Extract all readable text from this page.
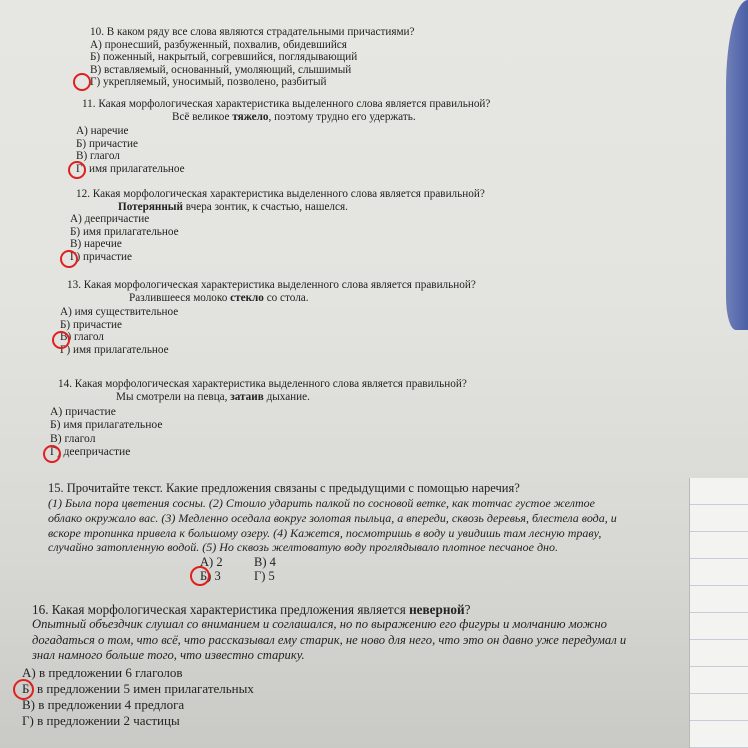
10. В каком ряду все слова являются страдательными причастиями?
А) пронесший, разбуженный, похвалив, обидевшийся
Б) поженный, накрытый, согревшийся, поглядывающий
В) вставляемый, основанный, умоляющий, слышимый
Г) укрепляемый, уносимый, позволено, разбитый
11. Какая морфологическая характеристика выделенного слова является правильной?
Всё великое тяжело, поэтому трудно его удержать.
А) наречие
Б) причастие
В) глагол
Г) имя прилагательное
12. Какая морфологическая характеристика выделенного слова является правильной?
Потерянный вчера зонтик, к счастью, нашелся.
А) деепричастие
Б) имя прилагательное
В) наречие
Г) причастие
13. Какая морфологическая характеристика выделенного слова является правильной?
Разлившееся молоко стекло со стола.
А) имя существительное
Б) причастие
В) глагол
Г) имя прилагательное
14. Какая морфологическая характеристика выделенного слова является правильной?
Мы смотрели на певца, затаив дыхание.
А) причастие
Б) имя прилагательное
В) глагол
Г) деепричастие
15. Прочитайте текст. Какие предложения связаны с предыдущими с помощью наречия?
(1) Была пора цветения сосны. (2) Стоило ударить палкой по сосновой ветке, как тотчас густое желтое
облако окружало вас. (3) Медленно оседала вокруг золотая пыльца, а впереди, сквозь деревья, блестела вода, и
вскоре тропинка привела к большому озеру. (4) Кажется, посмотришь в воду и увидишь там лесную траву,
случайно затопленную водой. (5) Но сквозь желтоватую воду проглядывало плотное песчаное дно.
А) 2	В) 4
Б) 3	Г) 5
16. Какая морфологическая характеристика предложения является неверной?
Опытный объездчик слушал со вниманием и соглашался, но по выражению его фигуры и молчанию можно
догадаться о том, что всё, что рассказывал ему старик, не ново для него, что это он давно уже передумал и
знал намного больше того, что известно старику.
А) в предложении 6 глаголов
Б) в предложении 5 имен прилагательных
В) в предложении 4 предлога
Г) в предложении 2 частицы
